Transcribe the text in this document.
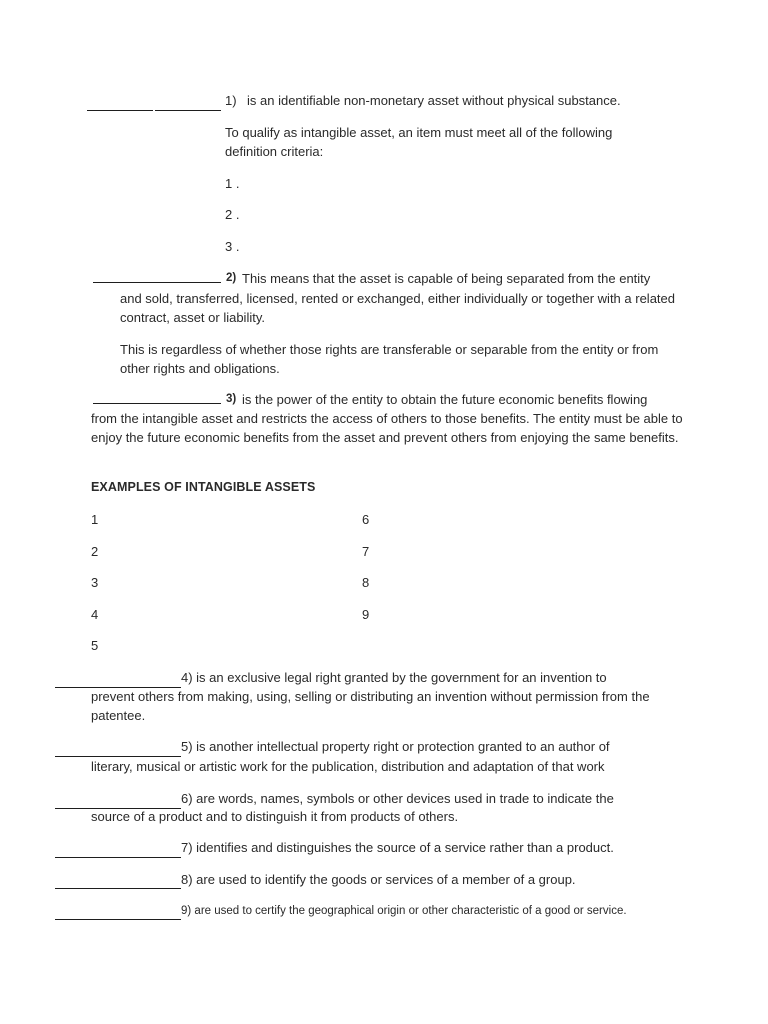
1) is an identifiable non-monetary asset without physical substance.
To qualify as intangible asset, an item must meet all of the following definition criteria:
1 .
2 .
3 .
2) This means that the asset is capable of being separated from the entity
and sold, transferred, licensed, rented or exchanged, either individually or together with a related contract, asset or liability.
This is regardless of whether those rights are transferable or separable from the entity or from other rights and obligations.
3) is the power of the entity to obtain the future economic benefits flowing
from the intangible asset and restricts the access of others to those benefits. The entity must be able to enjoy the future economic benefits from the asset and prevent others from enjoying the same benefits.
EXAMPLES OF INTANGIBLE ASSETS
1
2
3
4
5
6
7
8
9
4) is an exclusive legal right granted by the government for an invention to
prevent others from making, using, selling or distributing an invention without permission from the patentee.
5) is another intellectual property right or protection granted to an author of
literary, musical or artistic work for the publication, distribution and adaptation of that work
6) are words, names, symbols or other devices used in trade to indicate the
source of a product and to distinguish it from products of others.
7) identifies and distinguishes the source of a service rather than a product.
8) are used to identify the goods or services of a member of a group.
9) are used to certify the geographical origin or other characteristic of a good or service.
